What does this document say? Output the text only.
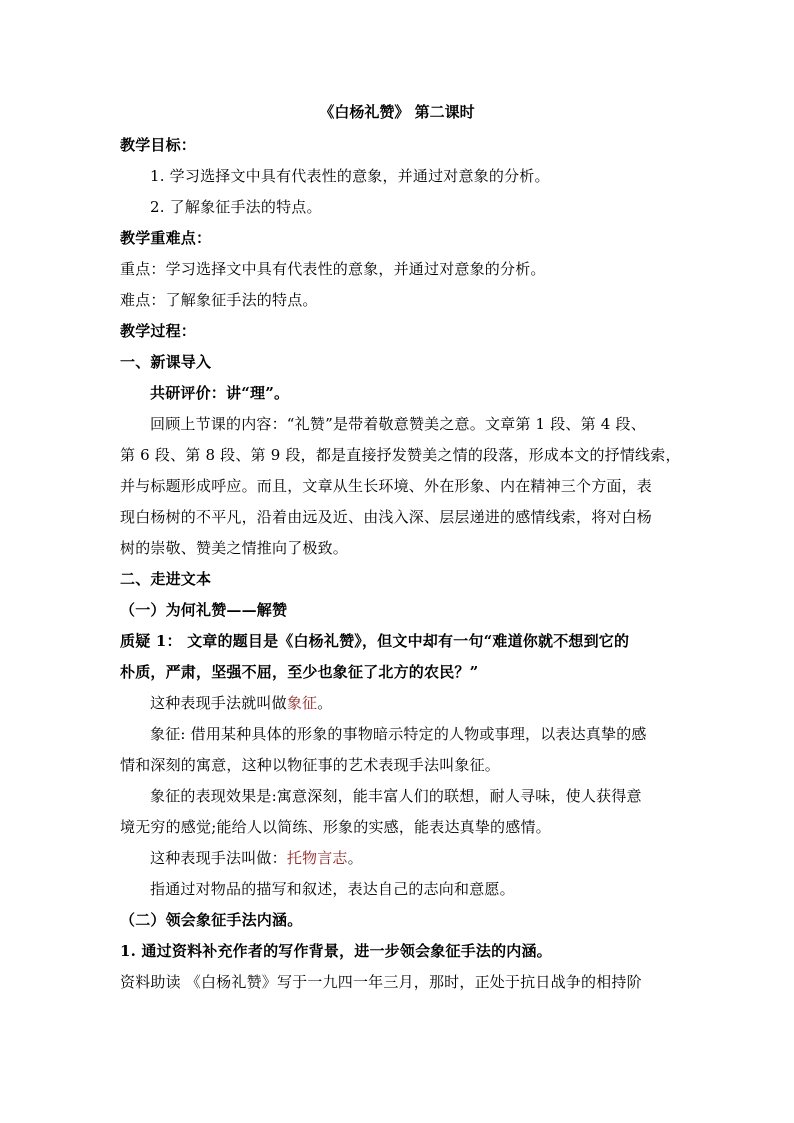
《白杨礼赞》 第二课时
教学目标：
1. 学习选择文中具有代表性的意象，并通过对意象的分析。
2. 了解象征手法的特点。
教学重难点：
重点：学习选择文中具有代表性的意象，并通过对意象的分析。
难点：了解象征手法的特点。
教学过程：
一、新课导入
共研评价：讲“理”。
回顾上节课的内容：“礼赞”是带着敬意赞美之意。文章第 1 段、第 4 段、
第 6 段、第 8 段、第 9 段，都是直接抒发赞美之情的段落，形成本文的抒情线索，
并与标题形成呼应。而且，文章从生长环境、外在形象、内在精神三个方面，表
现白杨树的不平凡，沿着由远及近、由浅入深、层层递进的感情线索，将对白杨
树的崇敬、赞美之情推向了极致。
二、走进文本
（一）为何礼赞——解赞
质疑 1： 文章的题目是《白杨礼赞》，但文中却有一句“难道你就不想到它的
朴质，严肃，坚强不屈，至少也象征了北方的农民？”
这种表现手法就叫做象征。
象征: 借用某种具体的形象的事物暗示特定的人物或事理，以表达真挚的感
情和深刻的寓意，这种以物征事的艺术表现手法叫象征。
象征的表现效果是:寓意深刻，能丰富人们的联想，耐人寻味，使人获得意
境无穷的感觉;能给人以简练、形象的实感，能表达真挚的感情。
这种表现手法叫做：托物言志。
指通过对物品的描写和叙述，表达自己的志向和意愿。
（二）领会象征手法内涵。
1. 通过资料补充作者的写作背景，进一步领会象征手法的内涵。
资料助读 《白杨礼赞》写于一九四一年三月，那时，正处于抗日战争的相持阶
